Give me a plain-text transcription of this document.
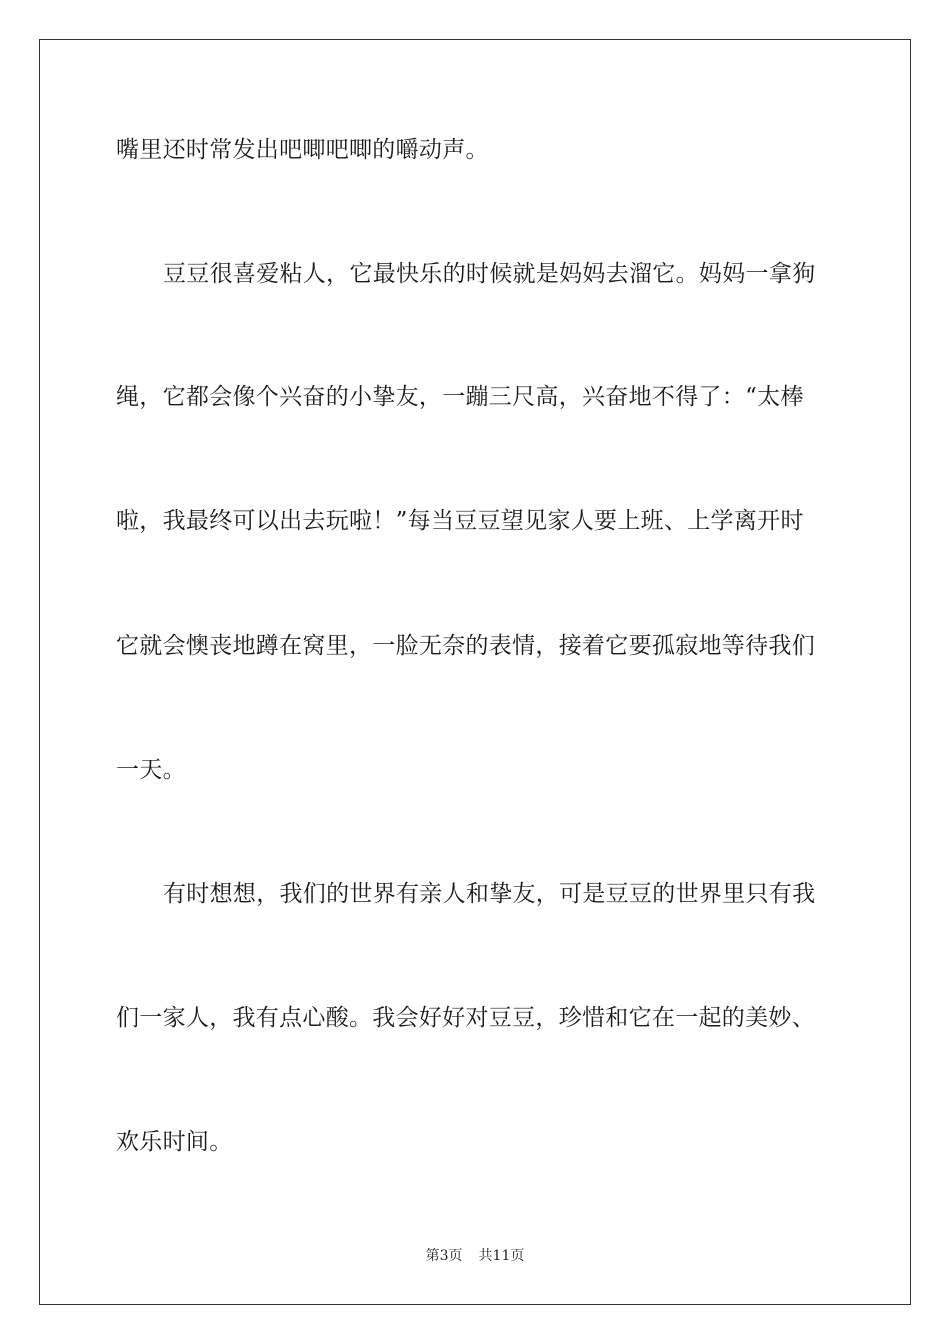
嘴里还时常发出吧唧吧唧的嚼动声。
豆豆很喜爱粘人，它最快乐的时候就是妈妈去溜它。妈妈一拿狗
绳，它都会像个兴奋的小挚友，一蹦三尺高，兴奋地不得了：“太棒
啦，我最终可以出去玩啦！”每当豆豆望见家人要上班、上学离开时
它就会懊丧地蹲在窝里，一脸无奈的表情，接着它要孤寂地等待我们
一天。
有时想想，我们的世界有亲人和挚友，可是豆豆的世界里只有我
们一家人，我有点心酸。我会好好对豆豆，珍惜和它在一起的美妙、
欢乐时间。
第3页 共11页
